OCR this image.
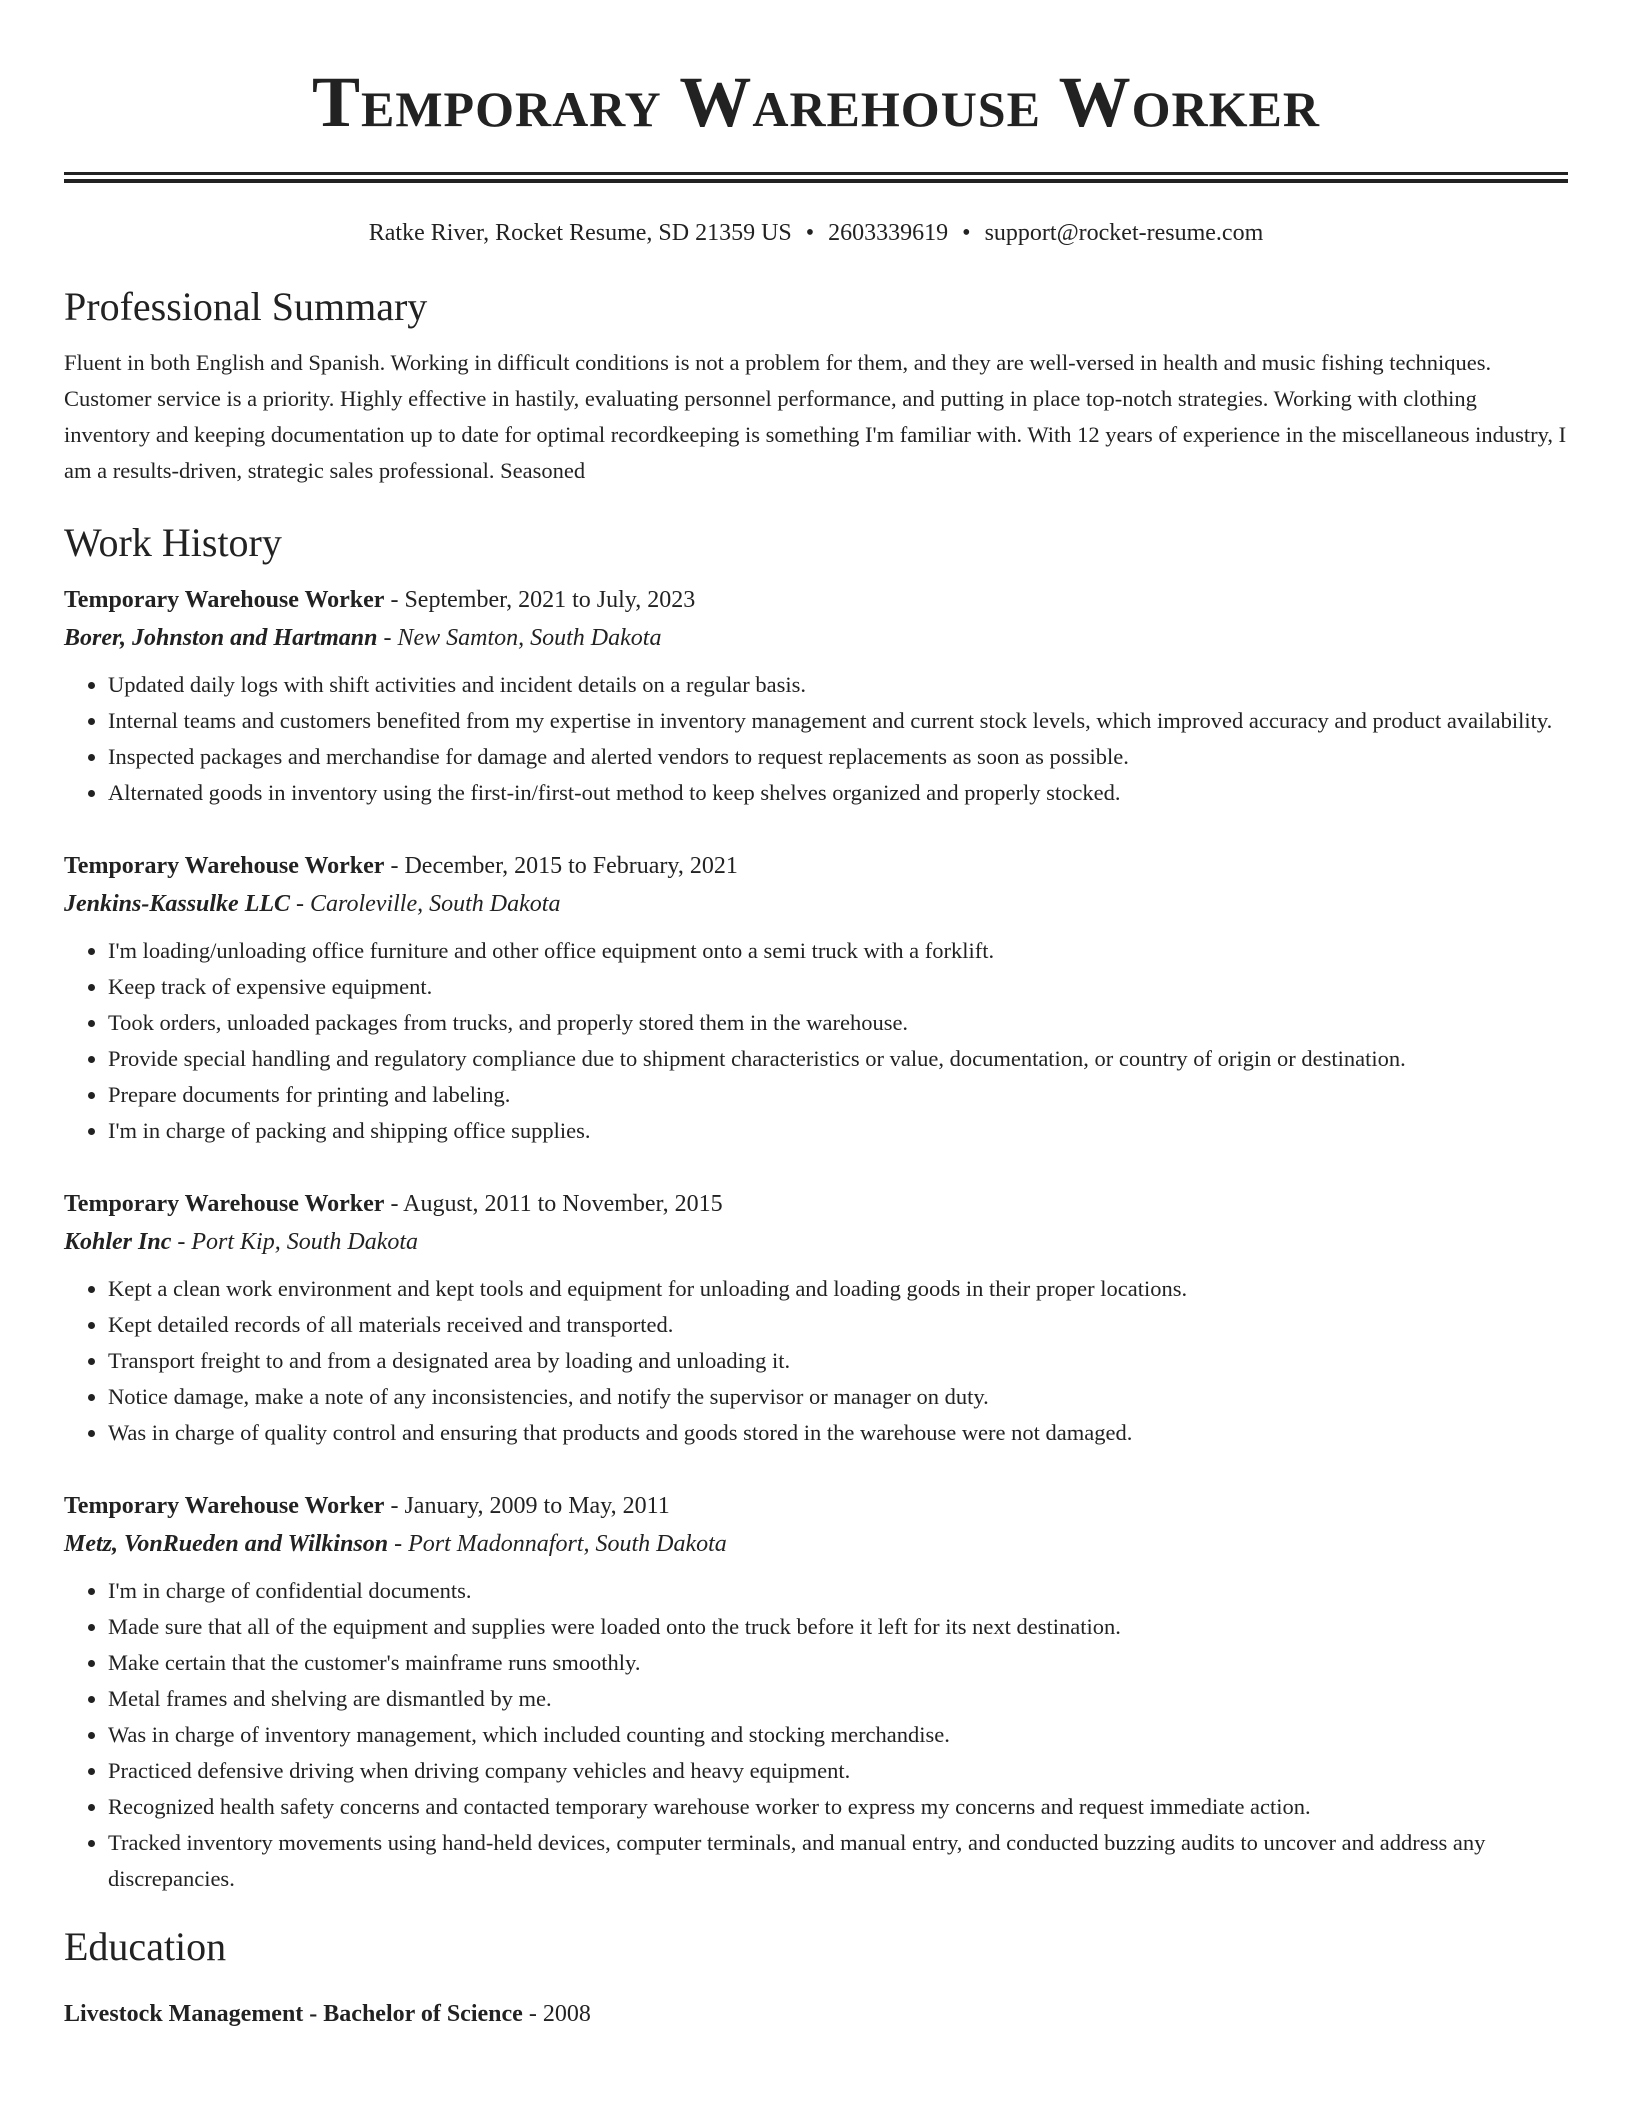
Temporary Warehouse Worker
Ratke River, Rocket Resume, SD 21359 US • 2603339619 • support@rocket-resume.com
Professional Summary

Fluent in both English and Spanish. Working in difficult conditions is not a problem for them, and they are well-versed in health and music fishing techniques. Customer service is a priority. Highly effective in hastily, evaluating personnel performance, and putting in place top-notch strategies. Working with clothing inventory and keeping documentation up to date for optimal recordkeeping is something I'm familiar with. With 12 years of experience in the miscellaneous industry, I am a results-driven, strategic sales professional. Seasoned

Work History
Temporary Warehouse Worker - September, 2021 to July, 2023
Borer, Johnston and Hartmann - New Samton, South Dakota
• Updated daily logs with shift activities and incident details on a regular basis.
• Internal teams and customers benefited from my expertise in inventory management and current stock levels, which improved accuracy and product availability.
• Inspected packages and merchandise for damage and alerted vendors to request replacements as soon as possible.
• Alternated goods in inventory using the first-in/first-out method to keep shelves organized and properly stocked.
Temporary Warehouse Worker - December, 2015 to February, 2021
Jenkins-Kassulke LLC - Caroleville, South Dakota
• I'm loading/unloading office furniture and other office equipment onto a semi truck with a forklift.
• Keep track of expensive equipment.
• Took orders, unloaded packages from trucks, and properly stored them in the warehouse.
• Provide special handling and regulatory compliance due to shipment characteristics or value, documentation, or country of origin or destination.
• Prepare documents for printing and labeling.
• I'm in charge of packing and shipping office supplies.
Temporary Warehouse Worker - August, 2011 to November, 2015
Kohler Inc - Port Kip, South Dakota
• Kept a clean work environment and kept tools and equipment for unloading and loading goods in their proper locations.
• Kept detailed records of all materials received and transported.
• Transport freight to and from a designated area by loading and unloading it.
• Notice damage, make a note of any inconsistencies, and notify the supervisor or manager on duty.
• Was in charge of quality control and ensuring that products and goods stored in the warehouse were not damaged.
Temporary Warehouse Worker - January, 2009 to May, 2011
Metz, VonRueden and Wilkinson - Port Madonnafort, South Dakota
• I'm in charge of confidential documents.
• Made sure that all of the equipment and supplies were loaded onto the truck before it left for its next destination.
• Make certain that the customer's mainframe runs smoothly.
• Metal frames and shelving are dismantled by me.
• Was in charge of inventory management, which included counting and stocking merchandise.
• Practiced defensive driving when driving company vehicles and heavy equipment.
• Recognized health safety concerns and contacted temporary warehouse worker to express my concerns and request immediate action.
• Tracked inventory movements using hand-held devices, computer terminals, and manual entry, and conducted buzzing audits to uncover and address any discrepancies.
Education
Livestock Management - Bachelor of Science - 2008
